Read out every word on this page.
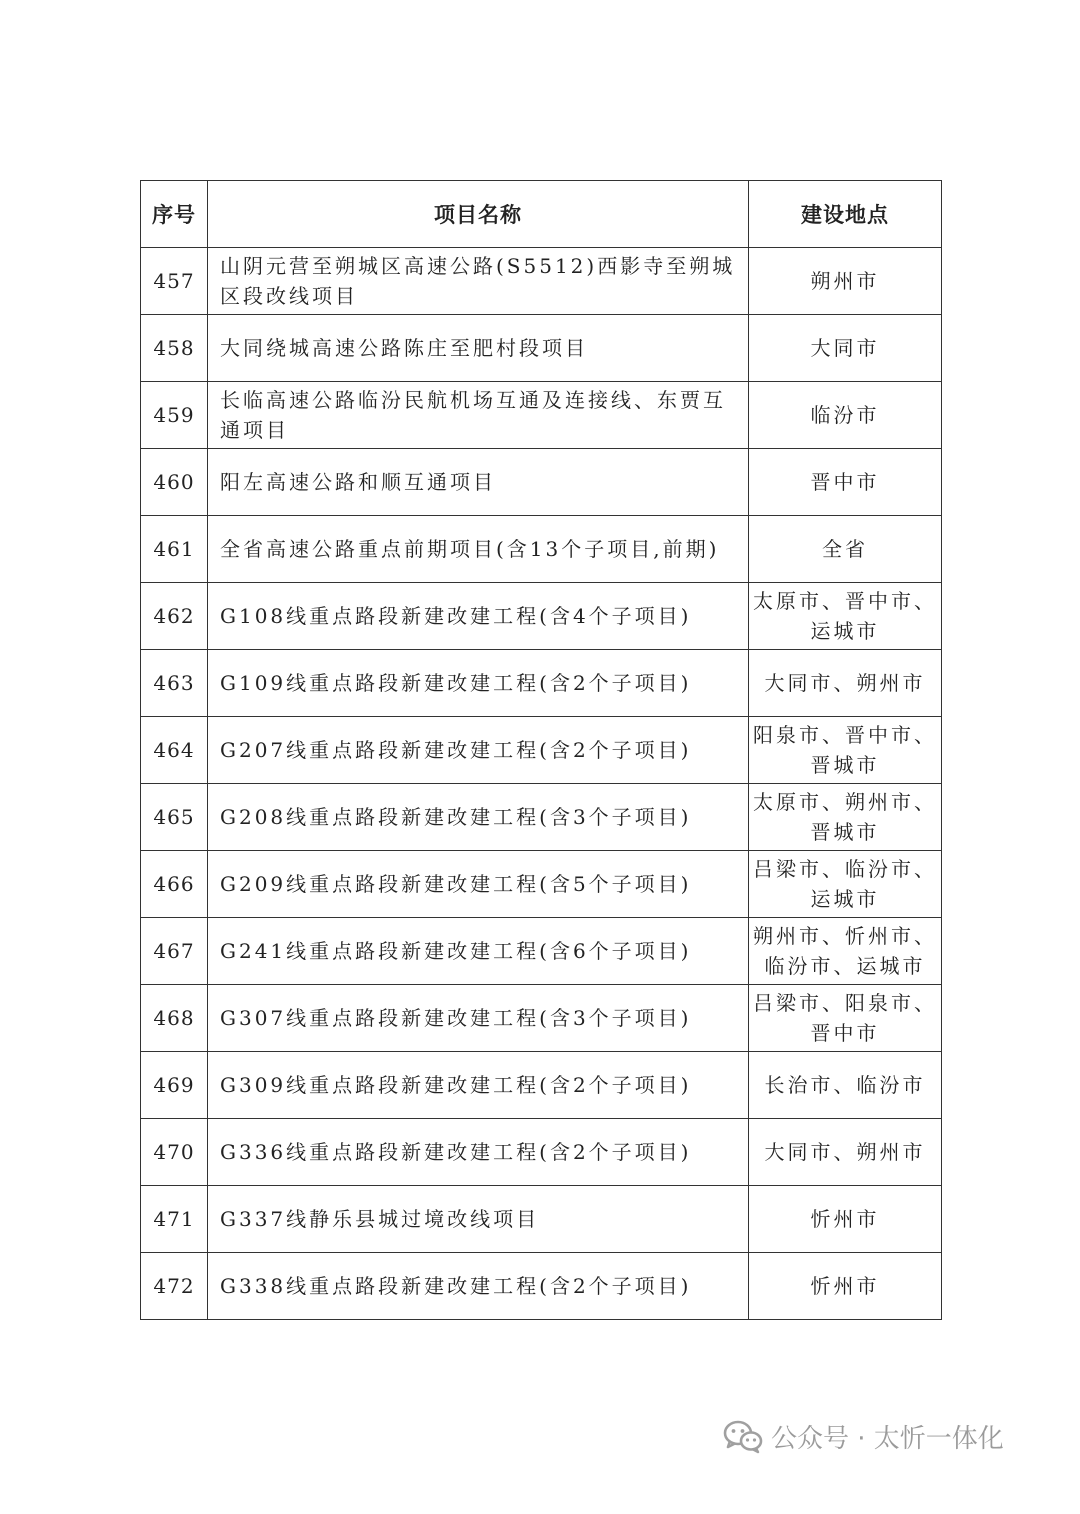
序号	项目名称	建设地点
457	山阴元营至朔城区高速公路(S5512)西影寺至朔城区段改线项目	朔州市
458	大同绕城高速公路陈庄至肥村段项目	大同市
459	长临高速公路临汾民航机场互通及连接线、东贾互通项目	临汾市
460	阳左高速公路和顺互通项目	晋中市
461	全省高速公路重点前期项目(含13个子项目,前期)	全省
462	G108线重点路段新建改建工程(含4个子项目)	太原市、晋中市、运城市
463	G109线重点路段新建改建工程(含2个子项目)	大同市、朔州市
464	G207线重点路段新建改建工程(含2个子项目)	阳泉市、晋中市、晋城市
465	G208线重点路段新建改建工程(含3个子项目)	太原市、朔州市、晋城市
466	G209线重点路段新建改建工程(含5个子项目)	吕梁市、临汾市、运城市
467	G241线重点路段新建改建工程(含6个子项目)	朔州市、忻州市、临汾市、运城市
468	G307线重点路段新建改建工程(含3个子项目)	吕梁市、阳泉市、晋中市
469	G309线重点路段新建改建工程(含2个子项目)	长治市、临汾市
470	G336线重点路段新建改建工程(含2个子项目)	大同市、朔州市
471	G337线静乐县城过境改线项目	忻州市
472	G338线重点路段新建改建工程(含2个子项目)	忻州市
公众号 · 太忻一体化
